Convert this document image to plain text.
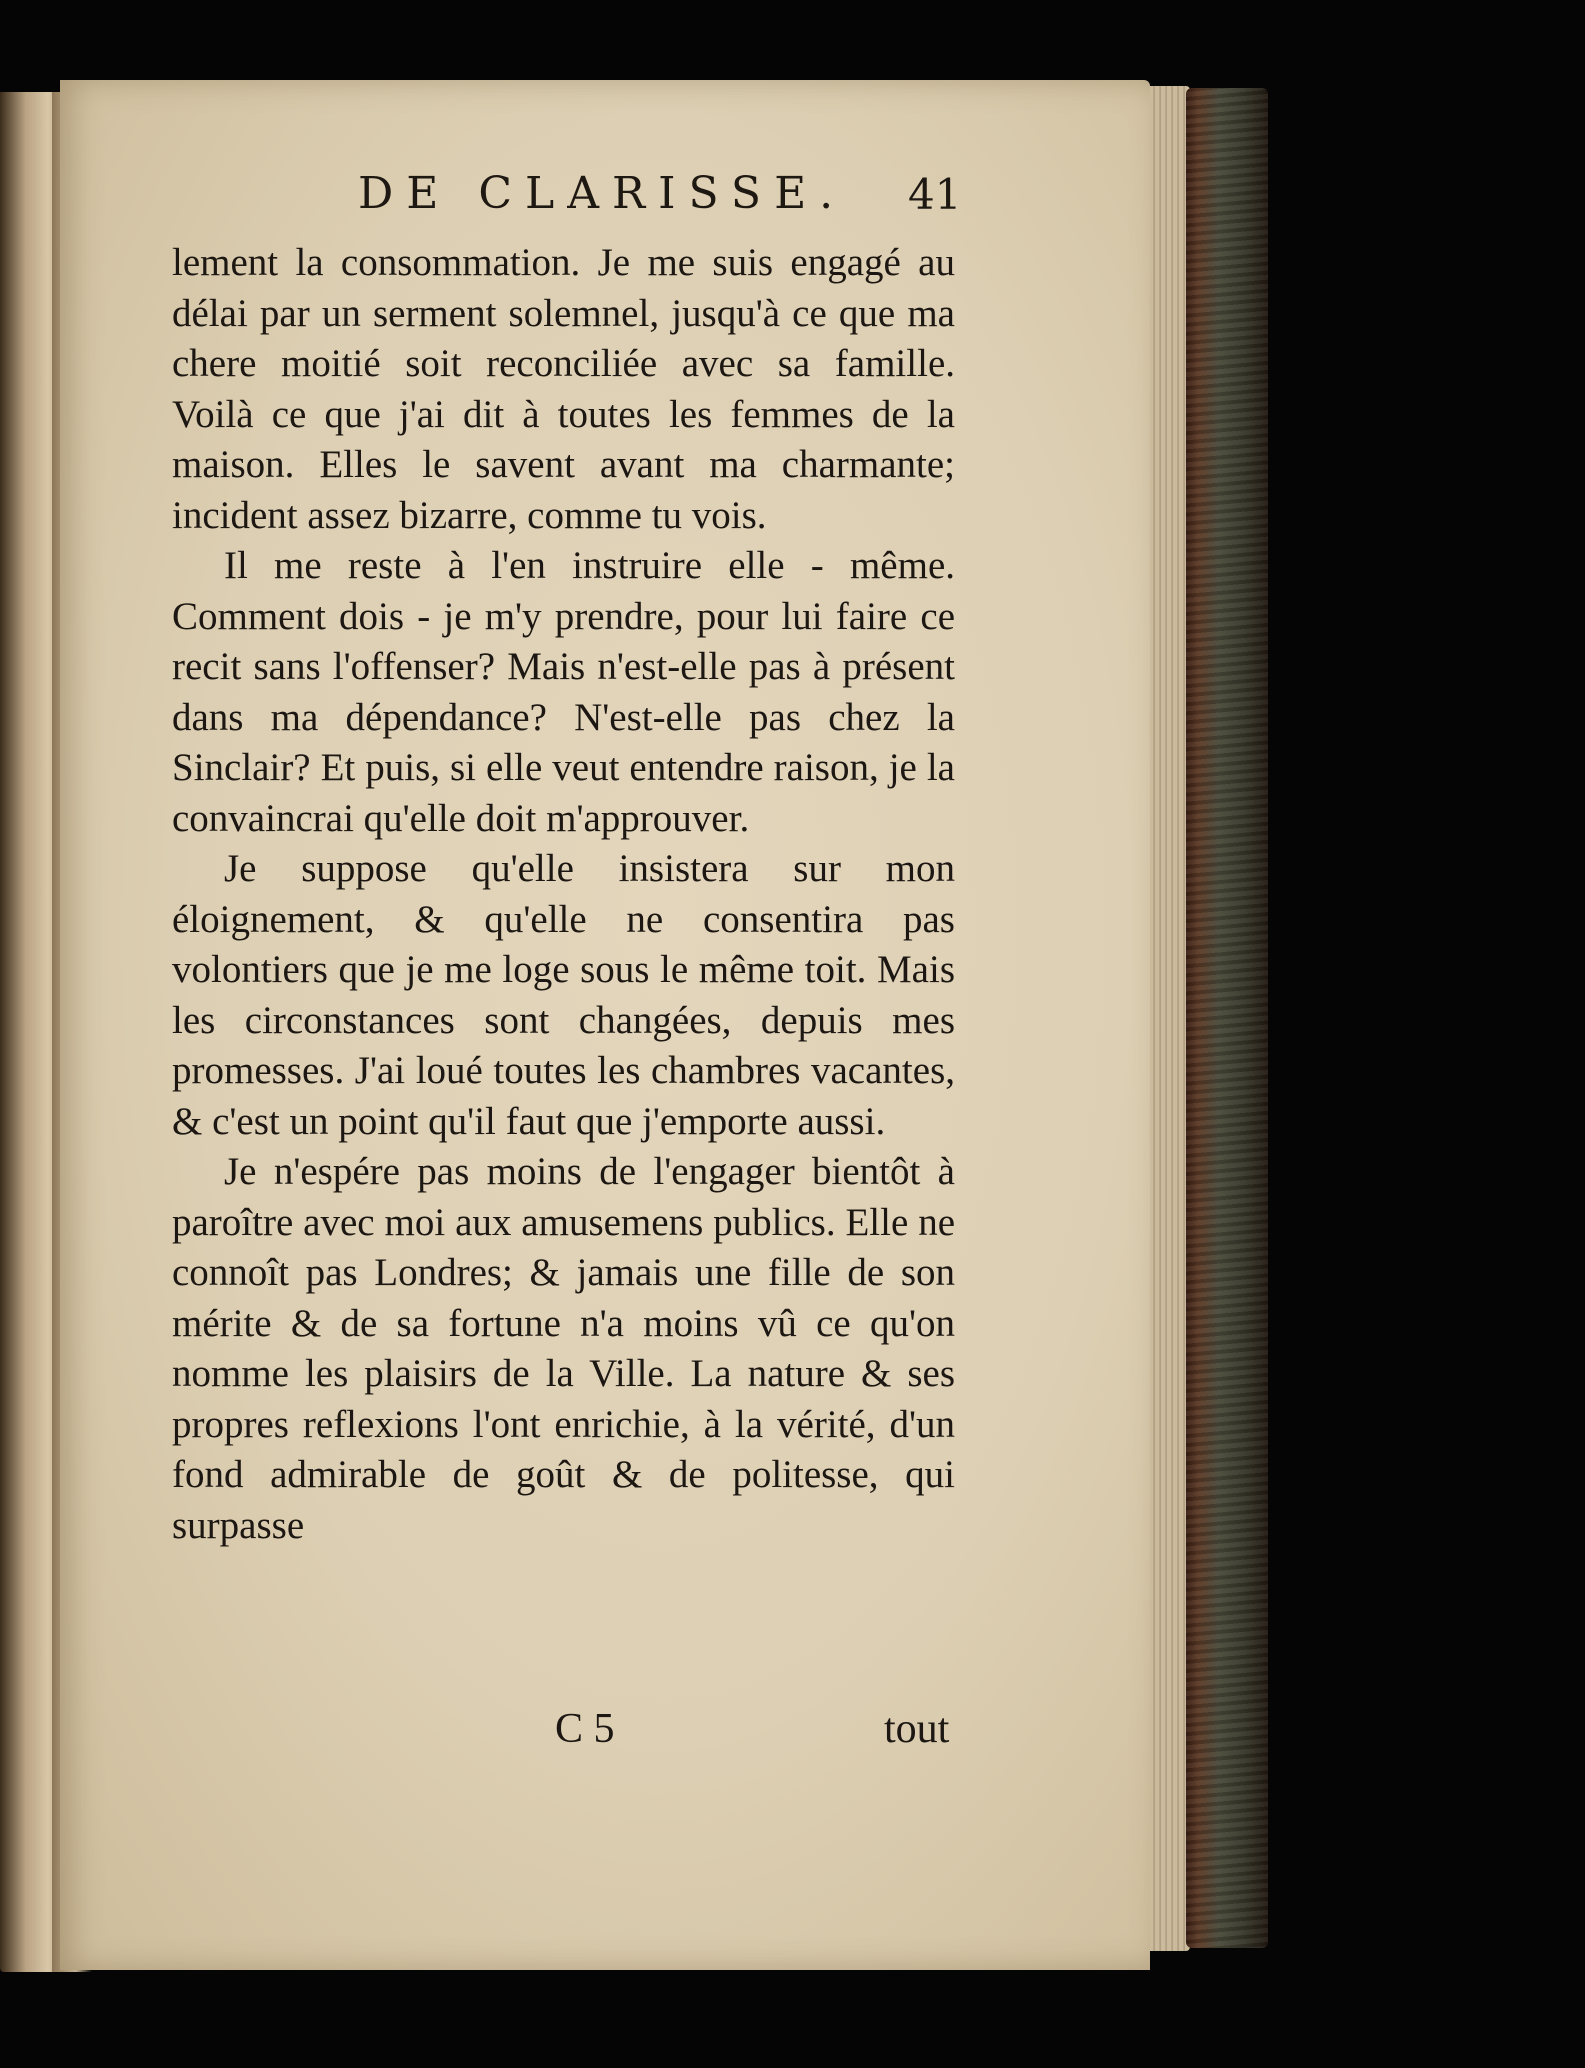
DE CLARISSE. 41

lement la consommation. Je me suis engagé au délai par un serment solemnel, jusqu'à ce que ma chere moitié soit reconciliée avec sa famille. Voilà ce que j'ai dit à toutes les femmes de la maison. Elles le savent avant ma charmante; incident assez bizarre, comme tu vois.

Il me reste à l'en instruire elle - même. Comment dois - je m'y prendre, pour lui faire ce recit sans l'offenser? Mais n'est-elle pas à présent dans ma dépendance? N'est-elle pas chez la Sinclair? Et puis, si elle veut entendre raison, je la convaincrai qu'elle doit m'approuver.

Je suppose qu'elle insistera sur mon éloignement, & qu'elle ne consentira pas volontiers que je me loge sous le même toit. Mais les circonstances sont changées, depuis mes promesses. J'ai loué toutes les chambres vacantes, & c'est un point qu'il faut que j'emporte aussi.

Je n'espére pas moins de l'engager bientôt à paroître avec moi aux amusemens publics. Elle ne connoît pas Londres; & jamais une fille de son mérite & de sa fortune n'a moins vû ce qu'on nomme les plaisirs de la Ville. La nature & ses propres reflexions l'ont enrichie, à la vérité, d'un fond admirable de goût & de politesse, qui surpasse

C 5	tout
